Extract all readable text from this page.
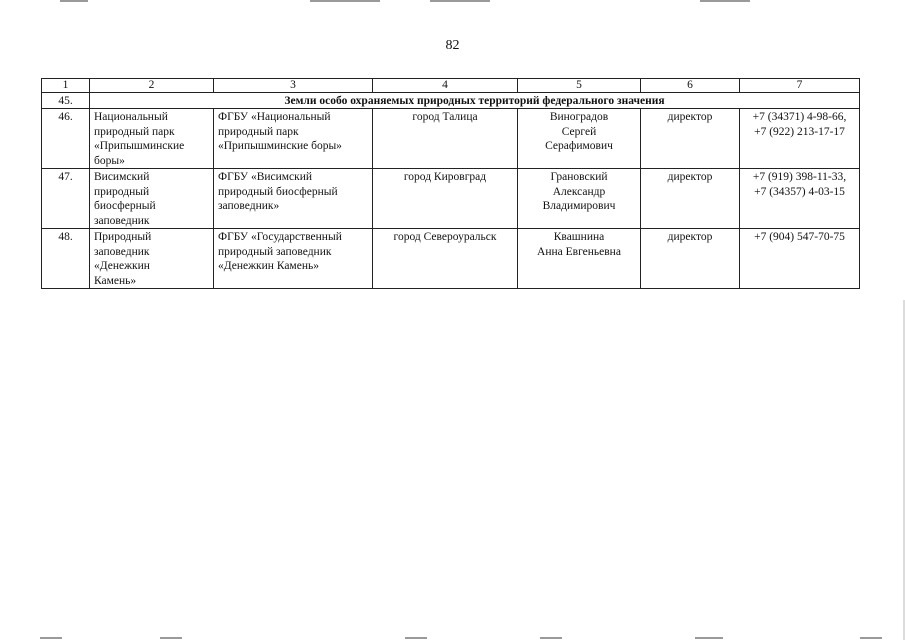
82
1	2	3	4	5	6	7
45.	Земли особо охраняемых природных территорий федерального значения					
46.	Национальный
природный парк
«Припышминские
боры»	ФГБУ «Национальный
природный парк
«Припышминские боры»	город Талица	Виноградов
Сергей
Серафимович	директор	+7 (34371) 4-98-66,
+7 (922) 213-17-17

47.	Висимский
природный
биосферный
заповедник	ФГБУ «Висимский
природный биосферный
заповедник»	город Кировград	Грановский
Александр
Владимирович	директор	+7 (919) 398-11-33,
+7 (34357) 4-03-15

48.	Природный
заповедник
«Денежкин
Камень»	ФГБУ «Государственный
природный заповедник
«Денежкин Камень»	город Североуральск	Квашнина
Анна Евгеньевна	директор	+7 (904) 547-70-75
